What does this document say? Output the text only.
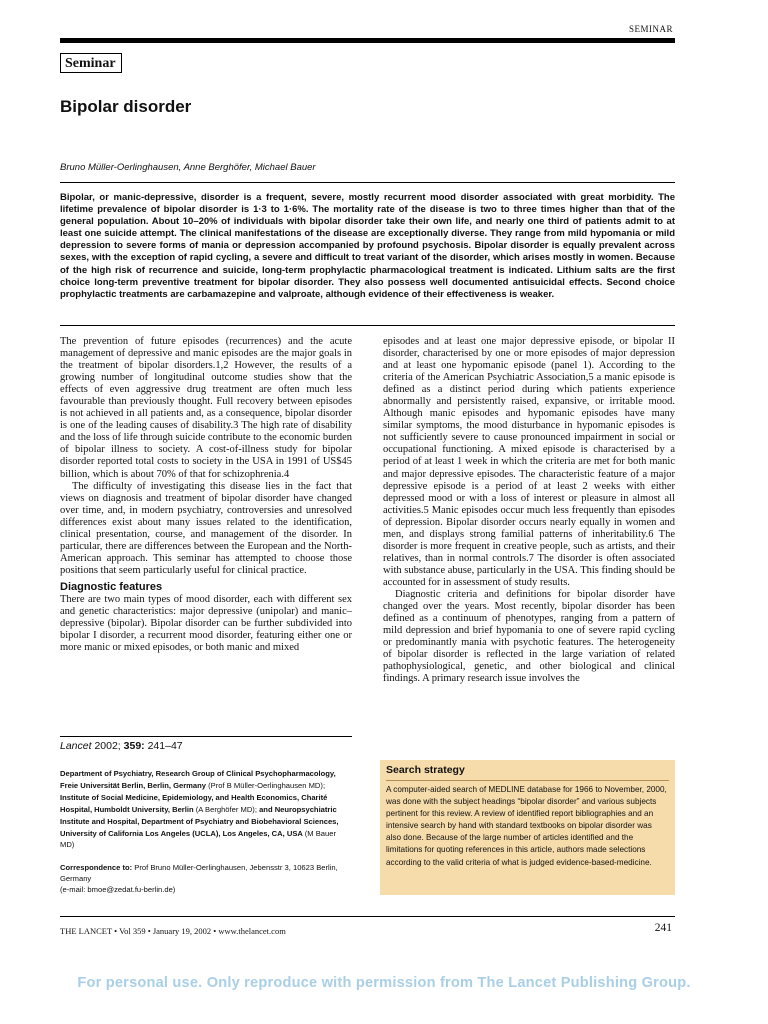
SEMINAR
Seminar
Bipolar disorder
Bruno Müller-Oerlinghausen, Anne Berghöfer, Michael Bauer

Bipolar, or manic-depressive, disorder is a frequent, severe, mostly recurrent mood disorder associated with great morbidity. The lifetime prevalence of bipolar disorder is 1·3 to 1·6%. The mortality rate of the disease is two to three times higher than that of the general population. About 10–20% of individuals with bipolar disorder take their own life, and nearly one third of patients admit to at least one suicide attempt. The clinical manifestations of the disease are exceptionally diverse. They range from mild hypomania or mild depression to severe forms of mania or depression accompanied by profound psychosis. Bipolar disorder is equally prevalent across sexes, with the exception of rapid cycling, a severe and difficult to treat variant of the disorder, which arises mostly in women. Because of the high risk of recurrence and suicide, long-term prophylactic pharmacological treatment is indicated. Lithium salts are the first choice long-term preventive treatment for bipolar disorder. They also possess well documented antisuicidal effects. Second choice prophylactic treatments are carbamazepine and valproate, although evidence of their effectiveness is weaker.

The prevention of future episodes (recurrences) and the acute management of depressive and manic episodes are the major goals in the treatment of bipolar disorders.1,2 However, the results of a growing number of longitudinal outcome studies show that the effects of even aggressive drug treatment are often much less favourable than previously thought. Full recovery between episodes is not achieved in all patients and, as a consequence, bipolar disorder is one of the leading causes of disability.3 The high rate of disability and the loss of life through suicide contribute to the economic burden of bipolar illness to society. A cost-of-illness study for bipolar disorder reported total costs to society in the USA in 1991 of US$45 billion, which is about 70% of that for schizophrenia.4

The difficulty of investigating this disease lies in the fact that views on diagnosis and treatment of bipolar disorder have changed over time, and, in modern psychiatry, controversies and unresolved differences exist about many issues related to the identification, clinical presentation, course, and management of the disorder. In particular, there are differences between the European and the North-American approach. This seminar has attempted to choose those positions that seem particularly useful for clinical practice.

Diagnostic features

There are two main types of mood disorder, each with different sex and genetic characteristics: major depressive (unipolar) and manic–depressive (bipolar). Bipolar disorder can be further subdivided into bipolar I disorder, a recurrent mood disorder, featuring either one or more manic or mixed episodes, or both manic and mixed

episodes and at least one major depressive episode, or bipolar II disorder, characterised by one or more episodes of major depression and at least one hypomanic episode (panel 1). According to the criteria of the American Psychiatric Association,5 a manic episode is defined as a distinct period during which patients experience abnormally and persistently raised, expansive, or irritable mood. Although manic episodes and hypomanic episodes have many similar symptoms, the mood disturbance in hypomanic episodes is not sufficiently severe to cause pronounced impairment in social or occupational functioning. A mixed episode is characterised by a period of at least 1 week in which the criteria are met for both manic and major depressive episodes. The characteristic feature of a major depressive episode is a period of at least 2 weeks with either depressed mood or with a loss of interest or pleasure in almost all activities.5 Manic episodes occur much less frequently than episodes of depression. Bipolar disorder occurs nearly equally in women and men, and displays strong familial patterns of inheritability.6 The disorder is more frequent in creative people, such as artists, and their relatives, than in normal controls.7 The disorder is often associated with substance abuse, particularly in the USA. This finding should be accounted for in assessment of study results.

Diagnostic criteria and definitions for bipolar disorder have changed over the years. Most recently, bipolar disorder has been defined as a continuum of phenotypes, ranging from a pattern of mild depression and brief hypomania to one of severe rapid cycling or predominantly mania with psychotic features. The heterogeneity of bipolar disorder is reflected in the large variation of related pathophysiological, genetic, and other biological and clinical findings. A primary research issue involves the

Lancet 2002; 359: 241–47

Department of Psychiatry, Research Group of Clinical Psychopharmacology, Freie Universität Berlin, Berlin, Germany (Prof B Müller-Oerlinghausen MD); Institute of Social Medicine, Epidemiology, and Health Economics, Charité Hospital, Humboldt University, Berlin (A Berghöfer MD); and Neuropsychiatric Institute and Hospital, Department of Psychiatry and Biobehavioral Sciences, University of California Los Angeles (UCLA), Los Angeles, CA, USA (M Bauer MD)

Correspondence to: Prof Bruno Müller-Oerlinghausen, Jebensstr 3, 10623 Berlin, Germany
(e-mail: bmoe@zedat.fu-berlin.de)

Search strategy

A computer-aided search of MEDLINE database for 1966 to November, 2000, was done with the subject headings “bipolar disorder” and various subjects pertinent for this review. A review of identified report bibliographies and an intensive search by hand with standard textbooks on bipolar disorder was also done. Because of the large number of articles identified and the limitations for quoting references in this article, authors made selections according to the valid criteria of what is judged evidence-based-medicine.

THE LANCET • Vol 359 • January 19, 2002 • www.thelancet.com	241
For personal use. Only reproduce with permission from The Lancet Publishing Group.
